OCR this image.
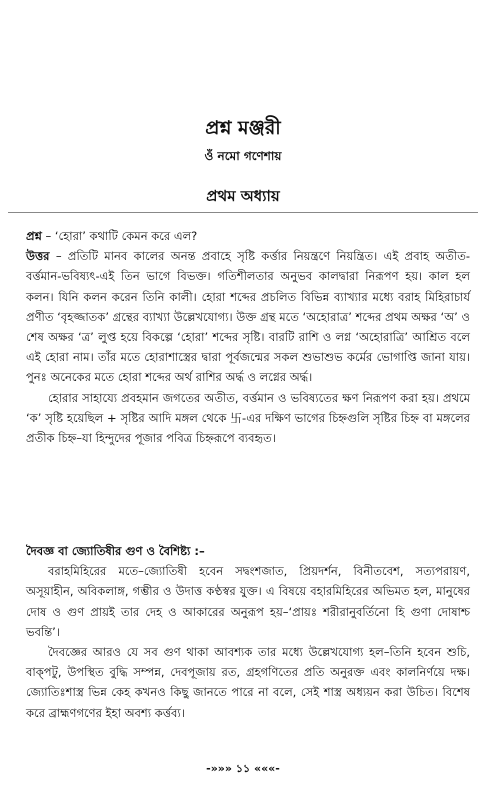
প্রশ্ন মঞ্জরী
ওঁ নমো গণেশায়
প্রথম অধ্যায়

প্রশ্ন – ‘হোরা’ কথাটি কেমন করে এল?

উত্তর – প্রতিটি মানব কালের অনন্ত প্রবাহে সৃষ্টি কর্ত্তার নিয়ন্ত্রণে নিয়ন্ত্রিত। এই প্রবাহ অতীত-বর্ত্তমান-ভবিষ্যৎ-এই তিন ভাগে বিভক্ত। গতিশীলতার অনুভব কালদ্বারা নিরূপণ হয়। কাল হল কলন। যিনি কলন করেন তিনি কালী। হোরা শব্দের প্রচলিত বিভিন্ন ব্যাখ্যার মধ্যে বরাহ মিহিরাচার্য প্রণীত ‘বৃহজ্জাতক’ গ্রন্থের ব্যাখ্যা উল্লেখযোগ্য। উক্ত গ্রন্থ মতে ‘অহোরাত্র’ শব্দের প্রথম অক্ষর ‘অ’ ও শেষ অক্ষর ‘ত্র’ লুপ্ত হয়ে বিকল্পে ‘হোরা’ শব্দের সৃষ্টি। বারটি রাশি ও লগ্ন ‘অহোরাত্রি’ আশ্রিত বলে এই হোরা নাম। তাঁর মতে হোরাশাস্ত্রের দ্বারা পূর্বজন্মের সকল শুভাশুভ কর্মের ভোগাপ্তি জানা যায়। পুনঃ অনেকের মতে হোরা শব্দের অর্থ রাশির অর্দ্ধ ও লগ্নের অর্দ্ধ।

হোরার সাহায্যে প্রবহমান জগতের অতীত, বর্ত্তমান ও ভবিষ্যতের ক্ষণ নিরূপণ করা হয়। প্রথমে ‘ক’ সৃষ্টি হয়েছিল + সৃষ্টির আদি মঙ্গল থেকে 卐-এর দক্ষিণ ভাগের চিহ্নগুলি সৃষ্টির চিহ্ন বা মঙ্গলের প্রতীক চিহ্ন–যা হিন্দুদের পূজার পবিত্র চিহ্নরূপে ব্যবহৃত।

দৈবজ্ঞ বা জ্যোতিষীর গুণ ও বৈশিষ্ট্য :–

বরাহমিহিরের মতে–জ্যোতিষী হবেন সদ্বংশজাত, প্রিয়দর্শন, বিনীতবেশ, সত্যপরায়ণ, অসূয়াহীন, অবিকলাঙ্গ, গম্ভীর ও উদাত্ত কণ্ঠস্বর যুক্ত। এ বিষয়ে বহারমিহিরের অভিমত হল, মানুষের দোষ ও গুণ প্রায়ই তার দেহ ও আকারের অনুরূপ হয়–‘প্রায়ঃ শরীরানুবর্তিনো হি গুণা দোষাশ্চ ভবন্তি’।

দৈবজ্ঞের আরও যে সব গুণ থাকা আবশ্যক তার মধ্যে উল্লেখযোগ্য হল–তিনি হবেন শুচি, বাক্‌পটু, উপস্থিত বুদ্ধি সম্পন্ন, দেবপূজায় রত, গ্রহগণিতের প্রতি অনুরক্ত এবং কালনির্ণয়ে দক্ষ। জ্যোতিঃশাস্ত্র ভিন্ন কেহ কখনও কিছু জানতে পারে না বলে, সেই শাস্ত্র অধ্যয়ন করা উচিত। বিশেষ করে ব্রাহ্মণগণের ইহা অবশ্য কর্ত্তব্য।

-»»» ১১ «««-
